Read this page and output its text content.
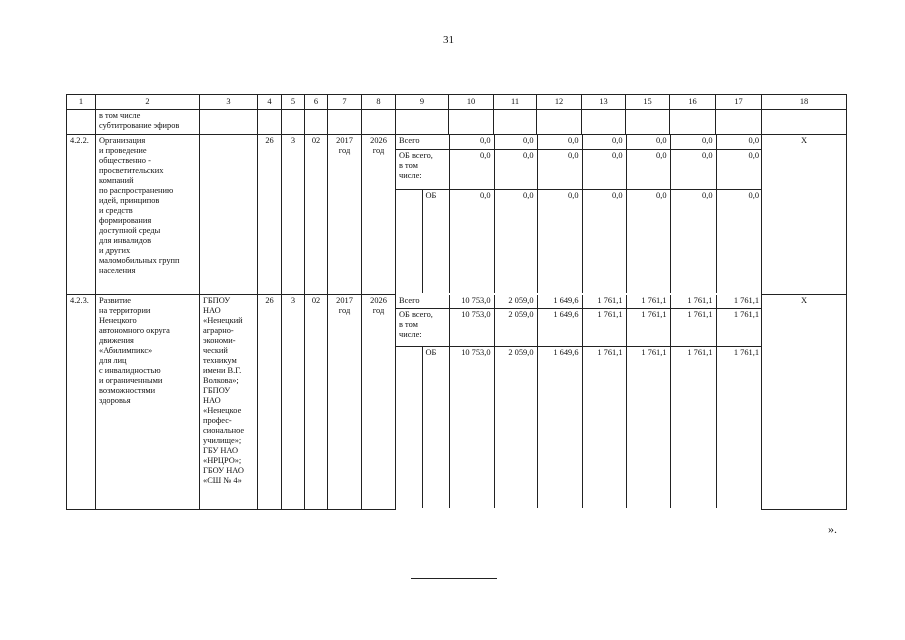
31
1	2	3	4	5	6	7	8	9	10	11	12	13	15	16	17	18
	в том числе
субтитрование эфиров															
4.2.2.	Организация
и проведение
общественно -
просветительских
компаний
по распространению
идей, принципов
и средств
формирования
доступной среды
для инвалидов
и других
маломобильных групп
населения		26	3	02	2017
год	2026
год	
Всего	0,0	0,0	0,0	0,0	0,0	0,0	0,0
ОБ всего,
в том
числе:	0,0	0,0	0,0	0,0	0,0	0,0	0,0
	ОБ	0,0	0,0	0,0	0,0	0,0	0,0	0,0
	Х
4.2.3.	Развитие
на территории
Ненецкого
автономного округа
движения
«Абилимпикс»
для лиц
с инвалидностью
и ограниченными
возможностями
здоровья	ГБПОУ
НАО
«Ненецкий
аграрно-
экономи-
ческий
техникум
имени В.Г.
Волкова»;
ГБПОУ
НАО
«Ненецкое
профес-
сиональное
училище»;
ГБУ НАО
«НРЦРО»;
ГБОУ НАО
«СШ № 4»	26	3	02	2017
год	2026
год	
Всего	10 753,0	2 059,0	1 649,6	1 761,1	1 761,1	1 761,1	1 761,1
ОБ всего,
в том
числе:	10 753,0	2 059,0	1 649,6	1 761,1	1 761,1	1 761,1	1 761,1
	ОБ	10 753,0	2 059,0	1 649,6	1 761,1	1 761,1	1 761,1	1 761,1
	Х
».
